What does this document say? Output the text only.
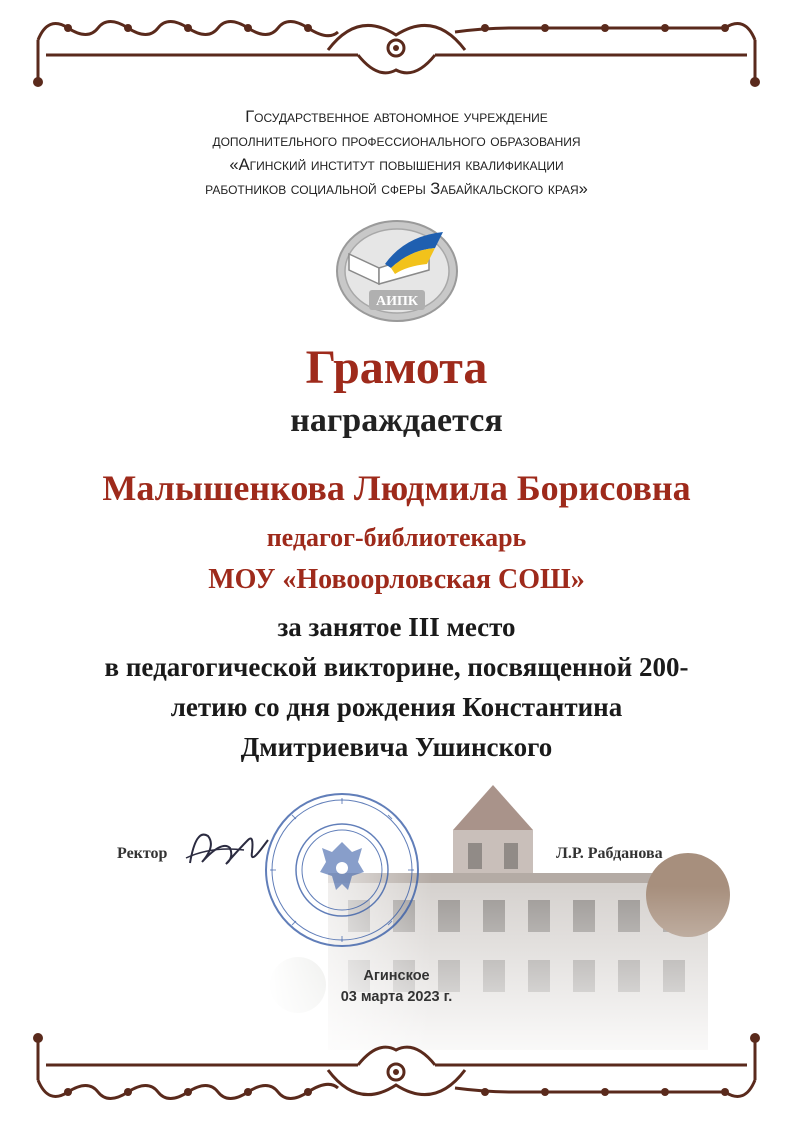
Государственное автономное учреждение
дополнительного профессионального образования
«Агинский институт повышения квалификации
работников социальной сферы Забайкальского края»
АИПК
Грамота
награждается
Малышенкова Людмила Борисовна
педагог-библиотекарь
МОУ «Новоорловская СОШ»
за занятое III место
в педагогической викторине, посвященной 200-
летию со дня рождения Константина
Дмитриевича Ушинского
Ректор	Л.Р. Рабданова
Агинское
03 марта 2023 г.
